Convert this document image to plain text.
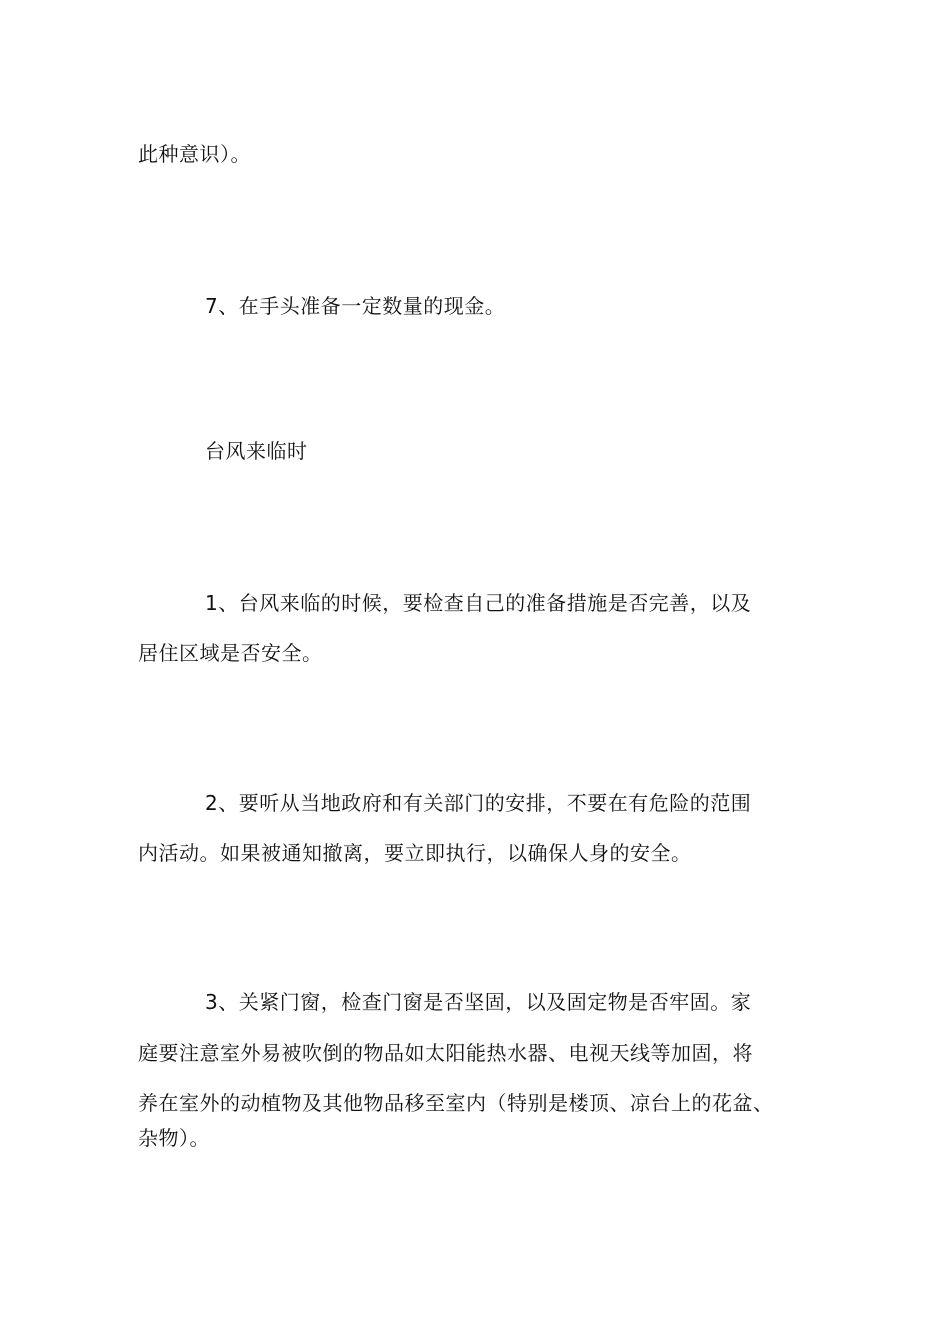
此种意识）。
7、在手头准备一定数量的现金。
台风来临时
1、台风来临的时候，要检查自己的准备措施是否完善，以及
居住区域是否安全。
2、要听从当地政府和有关部门的安排，不要在有危险的范围
内活动。如果被通知撤离，要立即执行，以确保人身的安全。
3、关紧门窗，检查门窗是否坚固，以及固定物是否牢固。家
庭要注意室外易被吹倒的物品如太阳能热水器、电视天线等加固，将
养在室外的动植物及其他物品移至室内（特别是楼顶、凉台上的花盆、
杂物）。
